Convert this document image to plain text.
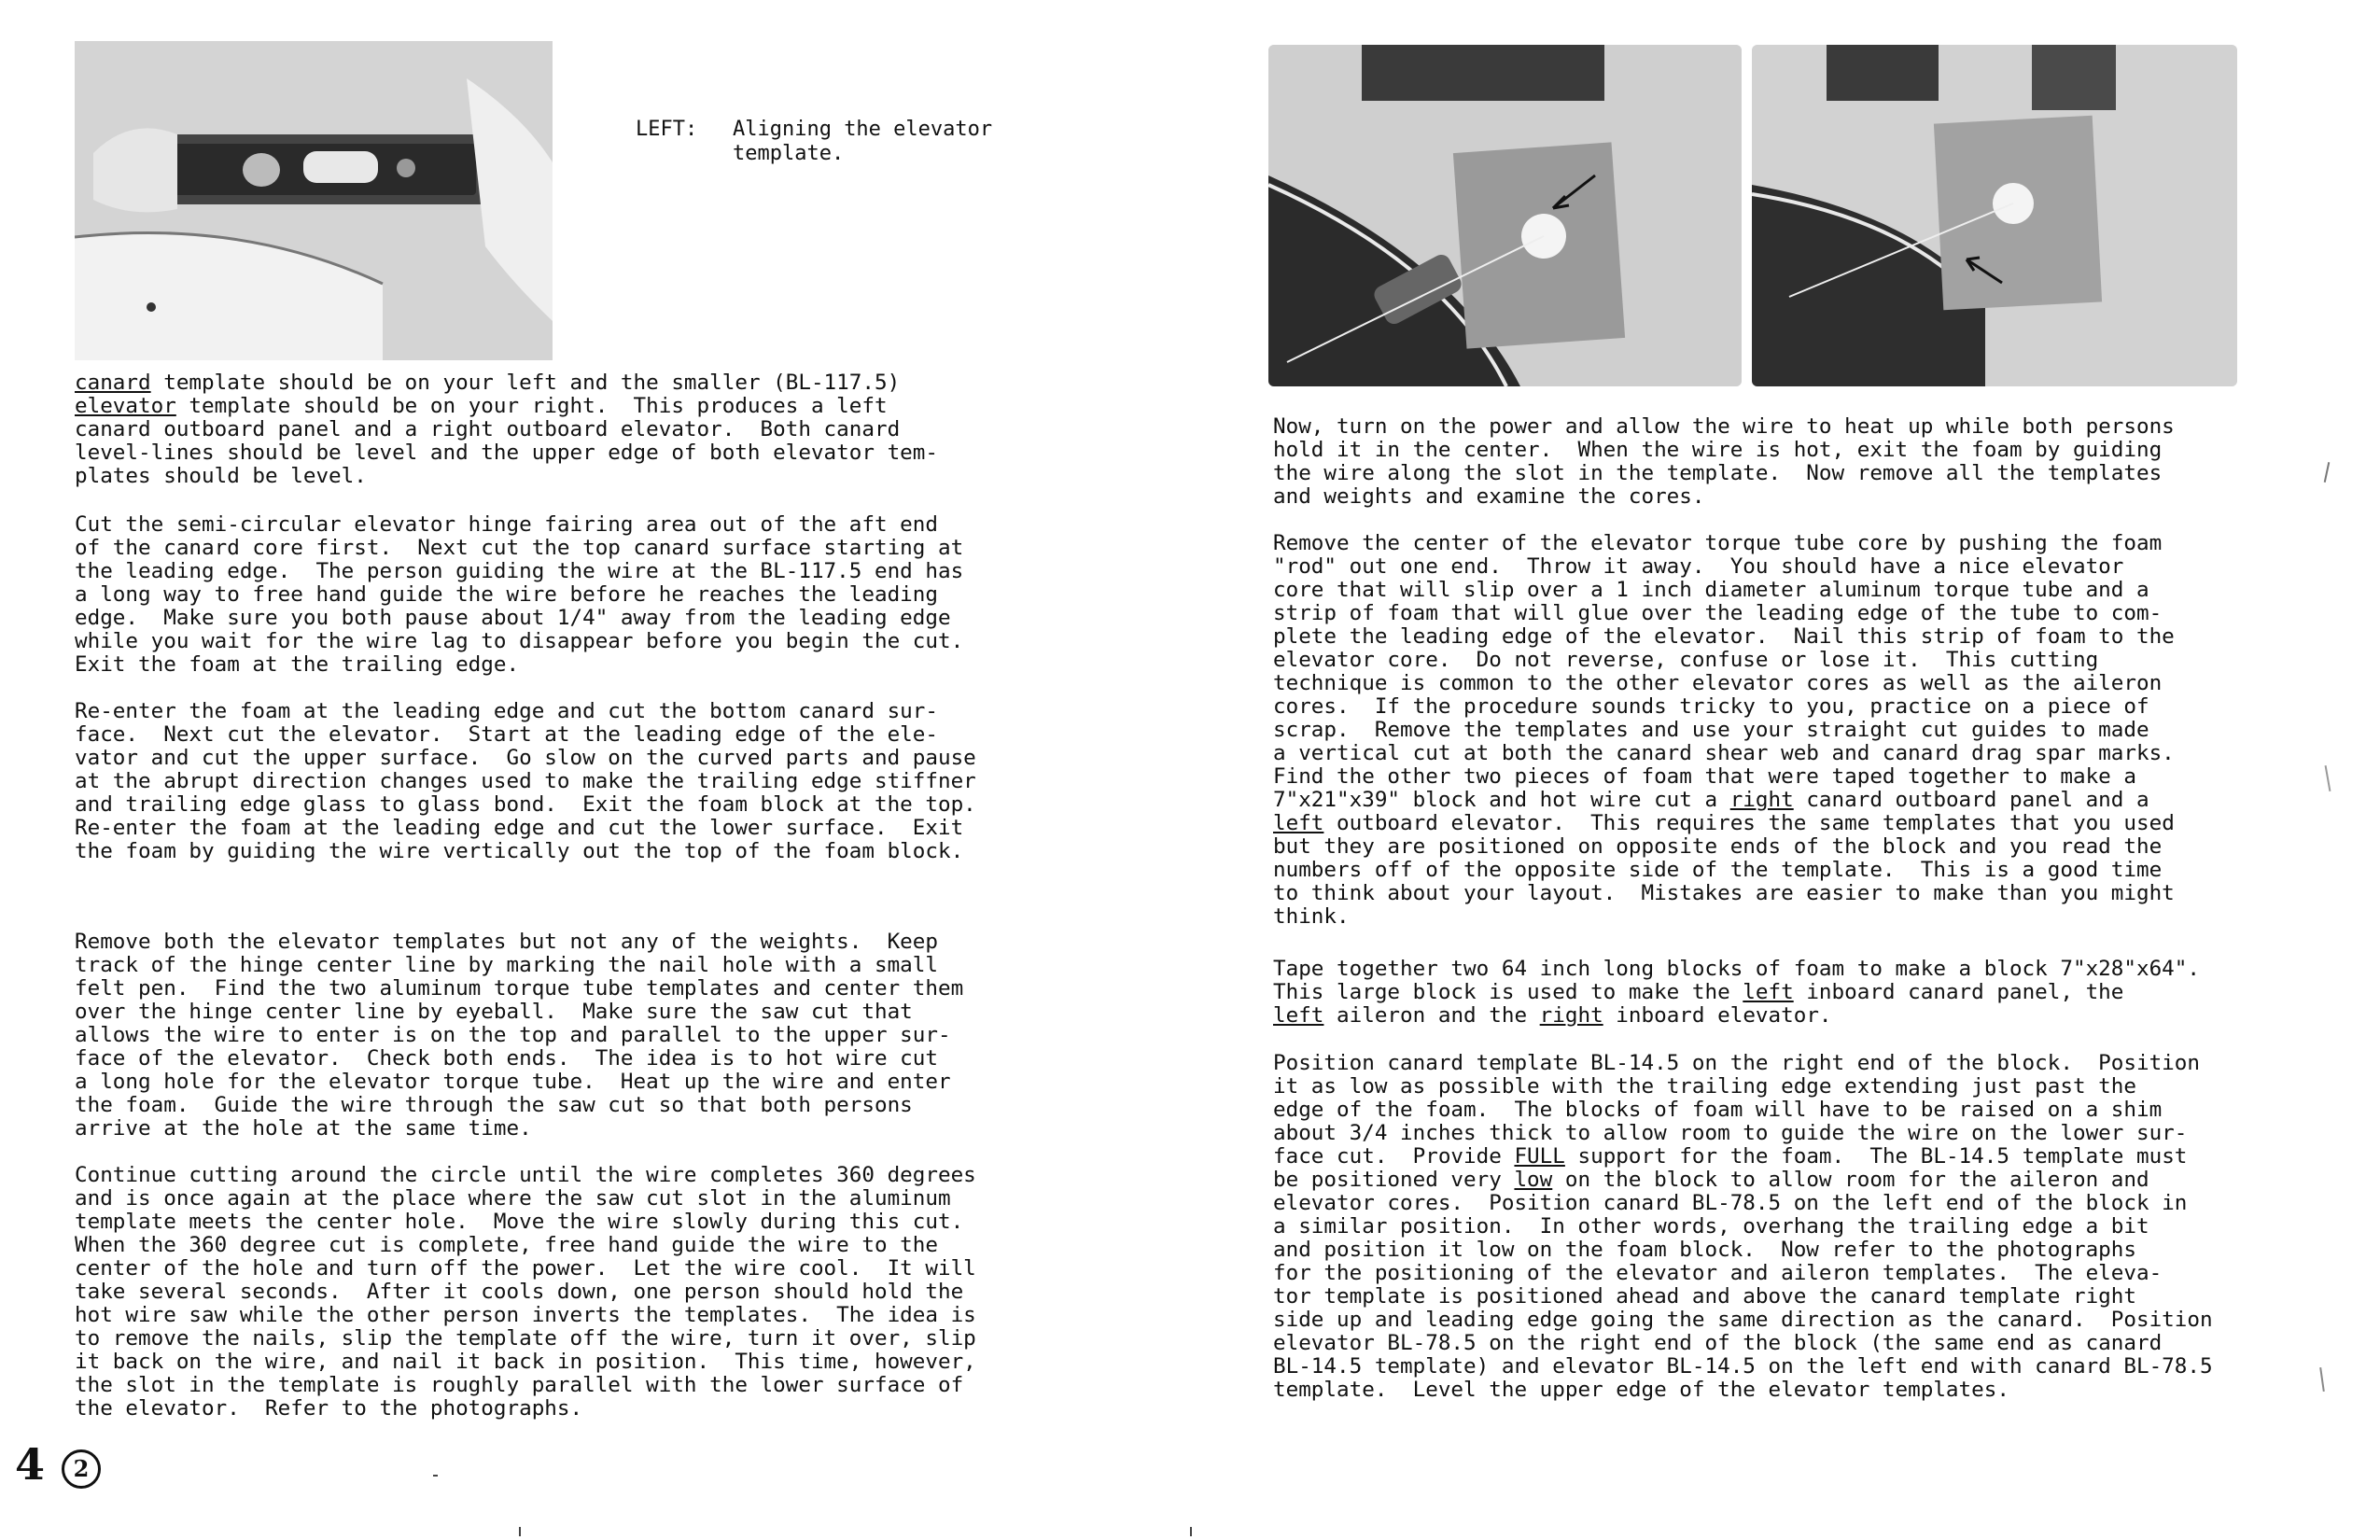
LEFT: Aligning the elevator template.

canard template should be on your left and the smaller (BL-117.5)
elevator template should be on your right.  This produces a left
canard outboard panel and a right outboard elevator.  Both canard
level-lines should be level and the upper edge of both elevator tem-
plates should be level.

Cut the semi-circular elevator hinge fairing area out of the aft end
of the canard core first.  Next cut the top canard surface starting at
the leading edge.  The person guiding the wire at the BL-117.5 end has
a long way to free hand guide the wire before he reaches the leading
edge.  Make sure you both pause about 1/4" away from the leading edge
while you wait for the wire lag to disappear before you begin the cut.
Exit the foam at the trailing edge.

Re-enter the foam at the leading edge and cut the bottom canard sur-
face.  Next cut the elevator.  Start at the leading edge of the ele-
vator and cut the upper surface.  Go slow on the curved parts and pause
at the abrupt direction changes used to make the trailing edge stiffner
and trailing edge glass to glass bond.  Exit the foam block at the top.
Re-enter the foam at the leading edge and cut the lower surface.  Exit
the foam by guiding the wire vertically out the top of the foam block.

Remove both the elevator templates but not any of the weights.  Keep
track of the hinge center line by marking the nail hole with a small
felt pen.  Find the two aluminum torque tube templates and center them
over the hinge center line by eyeball.  Make sure the saw cut that
allows the wire to enter is on the top and parallel to the upper sur-
face of the elevator.  Check both ends.  The idea is to hot wire cut
a long hole for the elevator torque tube.  Heat up the wire and enter
the foam.  Guide the wire through the saw cut so that both persons
arrive at the hole at the same time.

Continue cutting around the circle until the wire completes 360 degrees
and is once again at the place where the saw cut slot in the aluminum
template meets the center hole.  Move the wire slowly during this cut.
When the 360 degree cut is complete, free hand guide the wire to the
center of the hole and turn off the power.  Let the wire cool.  It will
take several seconds.  After it cools down, one person should hold the
hot wire saw while the other person inverts the templates.  The idea is
to remove the nails, slip the template off the wire, turn it over, slip
it back on the wire, and nail it back in position.  This time, however,
the slot in the template is roughly parallel with the lower surface of
the elevator.  Refer to the photographs.

4	2

Now, turn on the power and allow the wire to heat up while both persons
hold it in the center.  When the wire is hot, exit the foam by guiding
the wire along the slot in the template.  Now remove all the templates
and weights and examine the cores.

Remove the center of the elevator torque tube core by pushing the foam
"rod" out one end.  Throw it away.  You should have a nice elevator
core that will slip over a 1 inch diameter aluminum torque tube and a
strip of foam that will glue over the leading edge of the tube to com-
plete the leading edge of the elevator.  Nail this strip of foam to the
elevator core.  Do not reverse, confuse or lose it.  This cutting
technique is common to the other elevator cores as well as the aileron
cores.  If the procedure sounds tricky to you, practice on a piece of
scrap.  Remove the templates and use your straight cut guides to made
a vertical cut at both the canard shear web and canard drag spar marks.
Find the other two pieces of foam that were taped together to make a
7"x21"x39" block and hot wire cut a right canard outboard panel and a
left outboard elevator.  This requires the same templates that you used
but they are positioned on opposite ends of the block and you read the
numbers off of the opposite side of the template.  This is a good time
to think about your layout.  Mistakes are easier to make than you might
think.

Tape together two 64 inch long blocks of foam to make a block 7"x28"x64".
This large block is used to make the left inboard canard panel, the
left aileron and the right inboard elevator.

Position canard template BL-14.5 on the right end of the block.  Position
it as low as possible with the trailing edge extending just past the
edge of the foam.  The blocks of foam will have to be raised on a shim
about 3/4 inches thick to allow room to guide the wire on the lower sur-
face cut.  Provide FULL support for the foam.  The BL-14.5 template must
be positioned very low on the block to allow room for the aileron and
elevator cores.  Position canard BL-78.5 on the left end of the block in
a similar position.  In other words, overhang the trailing edge a bit
and position it low on the foam block.  Now refer to the photographs
for the positioning of the elevator and aileron templates.  The eleva-
tor template is positioned ahead and above the canard template right
side up and leading edge going the same direction as the canard.  Position
elevator BL-78.5 on the right end of the block (the same end as canard
BL-14.5 template) and elevator BL-14.5 on the left end with canard BL-78.5
template.  Level the upper edge of the elevator templates.
